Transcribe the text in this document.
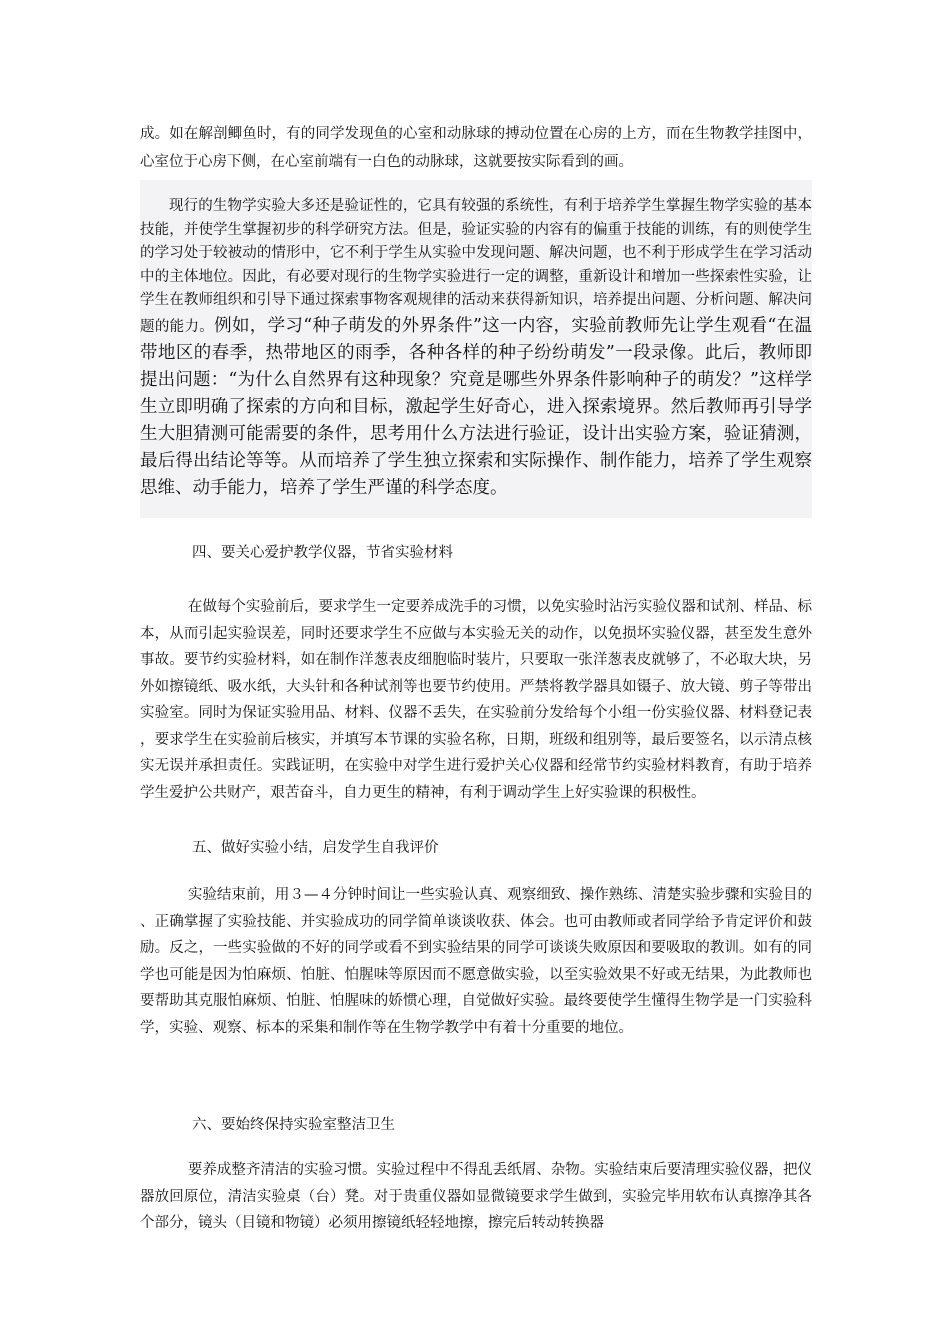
成。如在解剖鲫鱼时，有的同学发现鱼的心室和动脉球的搏动位置在心房的上方，而在生物教学挂图中，心室位于心房下侧，在心室前端有一白色的动脉球，这就要按实际看到的画。

现行的生物学实验大多还是验证性的，它具有较强的系统性，有利于培养学生掌握生物学实验的基本技能，并使学生掌握初步的科学研究方法。但是，验证实验的内容有的偏重于技能的训练，有的则使学生的学习处于较被动的情形中，它不利于学生从实验中发现问题、解决问题，也不利于形成学生在学习活动中的主体地位。因此，有必要对现行的生物学实验进行一定的调整，重新设计和增加一些探索性实验，让学生在教师组织和引导下通过探索事物客观规律的活动来获得新知识，培养提出问题、分析问题、解决问题的能力。例如，学习“种子萌发的外界条件”这一内容，实验前教师先让学生观看“在温带地区的春季，热带地区的雨季，各种各样的种子纷纷萌发”一段录像。此后，教师即提出问题：“为什么自然界有这种现象？究竟是哪些外界条件影响种子的萌发？”这样学生立即明确了探索的方向和目标，激起学生好奇心，进入探索境界。然后教师再引导学生大胆猜测可能需要的条件，思考用什么方法进行验证，设计出实验方案，验证猜测，最后得出结论等等。从而培养了学生独立探索和实际操作、制作能力，培养了学生观察思维、动手能力，培养了学生严谨的科学态度。

四、要关心爱护教学仪器，节省实验材料

在做每个实验前后，要求学生一定要养成洗手的习惯，以免实验时沾污实验仪器和试剂、样品、标本，从而引起实验误差，同时还要求学生不应做与本实验无关的动作，以免损坏实验仪器，甚至发生意外事故。要节约实验材料，如在制作洋葱表皮细胞临时装片，只要取一张洋葱表皮就够了，不必取大块，另外如擦镜纸、吸水纸，大头针和各种试剂等也要节约使用。严禁将教学器具如镊子、放大镜、剪子等带出实验室。同时为保证实验用品、材料、仪器不丢失，在实验前分发给每个小组一份实验仪器、材料登记表，要求学生在实验前后核实，并填写本节课的实验名称，日期，班级和组别等，最后要签名，以示清点核实无误并承担责任。实践证明，在实验中对学生进行爱护关心仪器和经常节约实验材料教育，有助于培养学生爱护公共财产，艰苦奋斗，自力更生的精神，有利于调动学生上好实验课的积极性。

五、做好实验小结，启发学生自我评价

实验结束前，用３—４分钟时间让一些实验认真、观察细致、操作熟练、清楚实验步骤和实验目的、正确掌握了实验技能、并实验成功的同学简单谈谈收获、体会。也可由教师或者同学给予肯定评价和鼓励。反之，一些实验做的不好的同学或看不到实验结果的同学可谈谈失败原因和要吸取的教训。如有的同学也可能是因为怕麻烦、怕脏、怕腥味等原因而不愿意做实验，以至实验效果不好或无结果，为此教师也要帮助其克服怕麻烦、怕脏、怕腥味的娇惯心理，自觉做好实验。最终要使学生懂得生物学是一门实验科学，实验、观察、标本的采集和制作等在生物学教学中有着十分重要的地位。

六、要始终保持实验室整洁卫生

要养成整齐清洁的实验习惯。实验过程中不得乱丢纸屑、杂物。实验结束后要清理实验仪器，把仪器放回原位，清洁实验桌（台）凳。对于贵重仪器如显微镜要求学生做到，实验完毕用软布认真擦净其各个部分，镜头（目镜和物镜）必须用擦镜纸轻轻地擦，擦完后转动转换器
